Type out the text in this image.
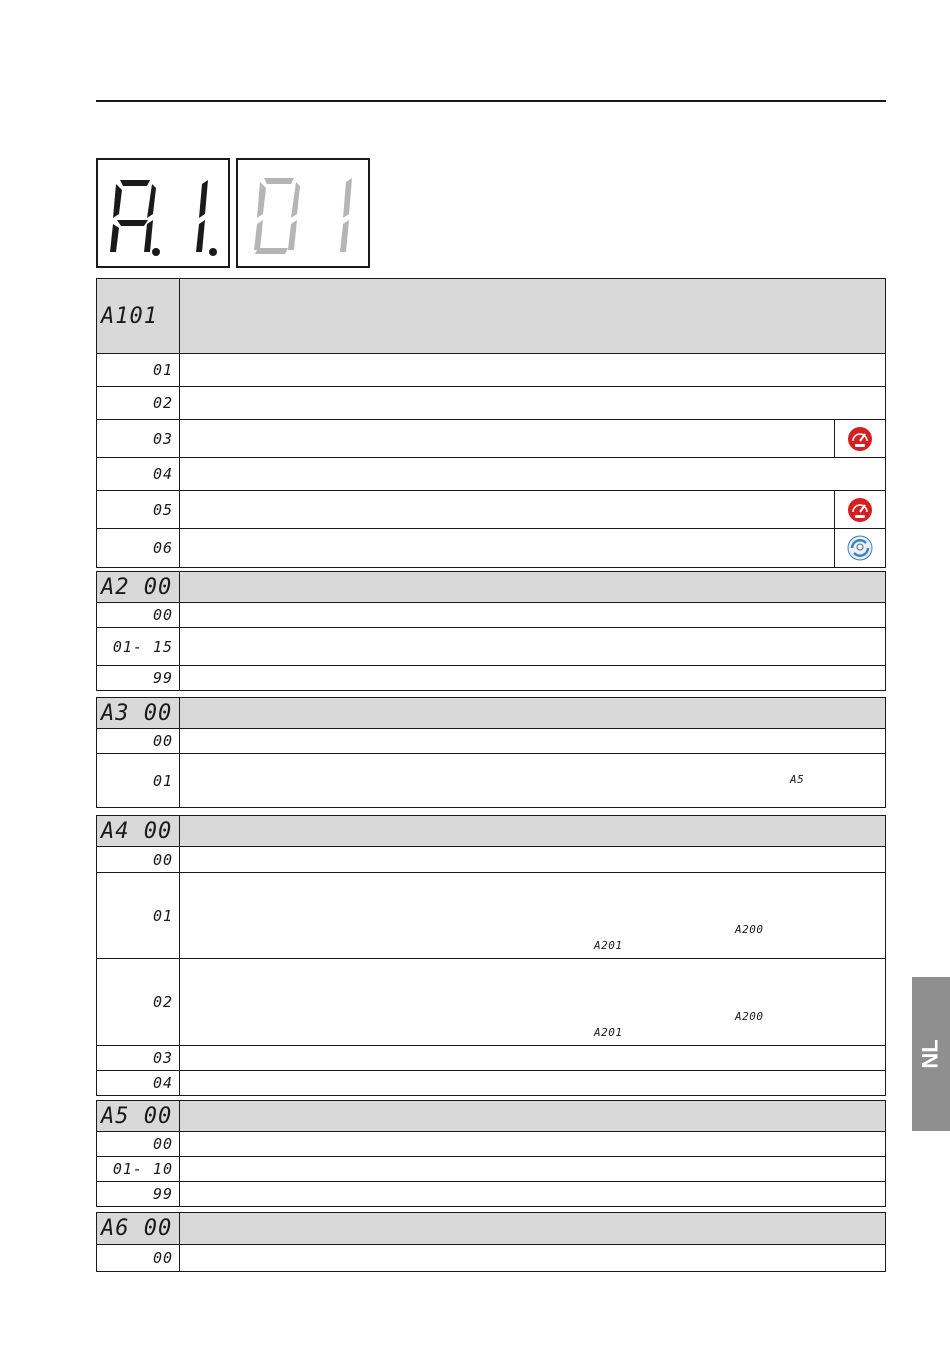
A101
01
02
03
04
05
06
A2 00
00
01- 15
99
A3 00
00
01	A5
A4 00
00
01
A200
A201
02
A200
A201
03
04
A5 00
00
01- 10
99
A6 00
00
NL
